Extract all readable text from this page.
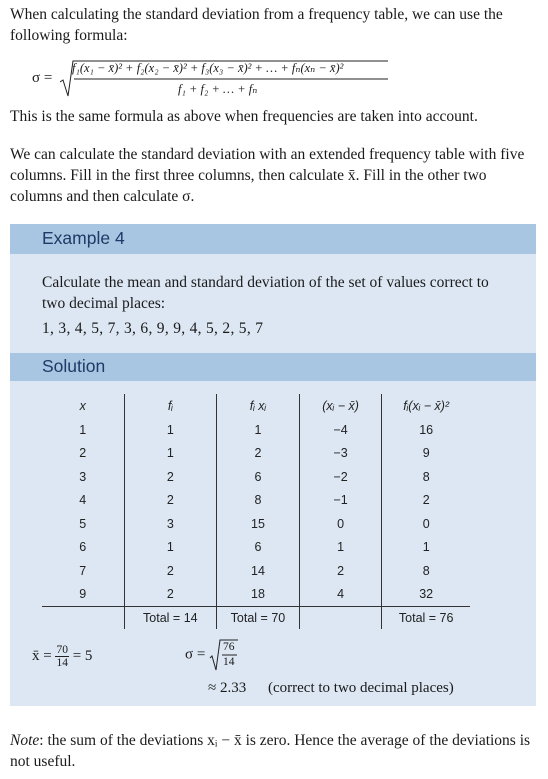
When calculating the standard deviation from a frequency table, we can use the following formula:
σ =
f₁(x₁ − x̄)² + f₂(x₂ − x̄)² + f₃(x₃ − x̄)² + … + fₙ(xₙ − x̄)²
f₁ + f₂ + … + fₙ
This is the same formula as above when frequencies are taken into account.
We can calculate the standard deviation with an extended frequency table with five columns. Fill in the first three columns, then calculate x̄. Fill in the other two columns and then calculate σ.
Example 4
Calculate the mean and standard deviation of the set of values correct to two decimal places:
1, 3, 4, 5, 7, 3, 6, 9, 9, 4, 5, 2, 5, 7
Solution
x	fᵢ	fᵢ xᵢ	(xᵢ − x̄)	fᵢ(xᵢ − x̄)²
1	1	1	−4	16
2	1	2	−3	9
3	2	6	−2	8
4	2	8	−1	2
5	3	15	0	0
6	1	6	1	1
7	2	14	2	8
9	2	18	4	32
	Total = 14	Total = 70		Total = 76
x̄ = $\frac{70}{14} = 5$	σ = 76
14
≈ 2.33 (correct to two decimal places)
Note: the sum of the deviations xᵢ − x̄ is zero. Hence the average of the deviations is not useful.
